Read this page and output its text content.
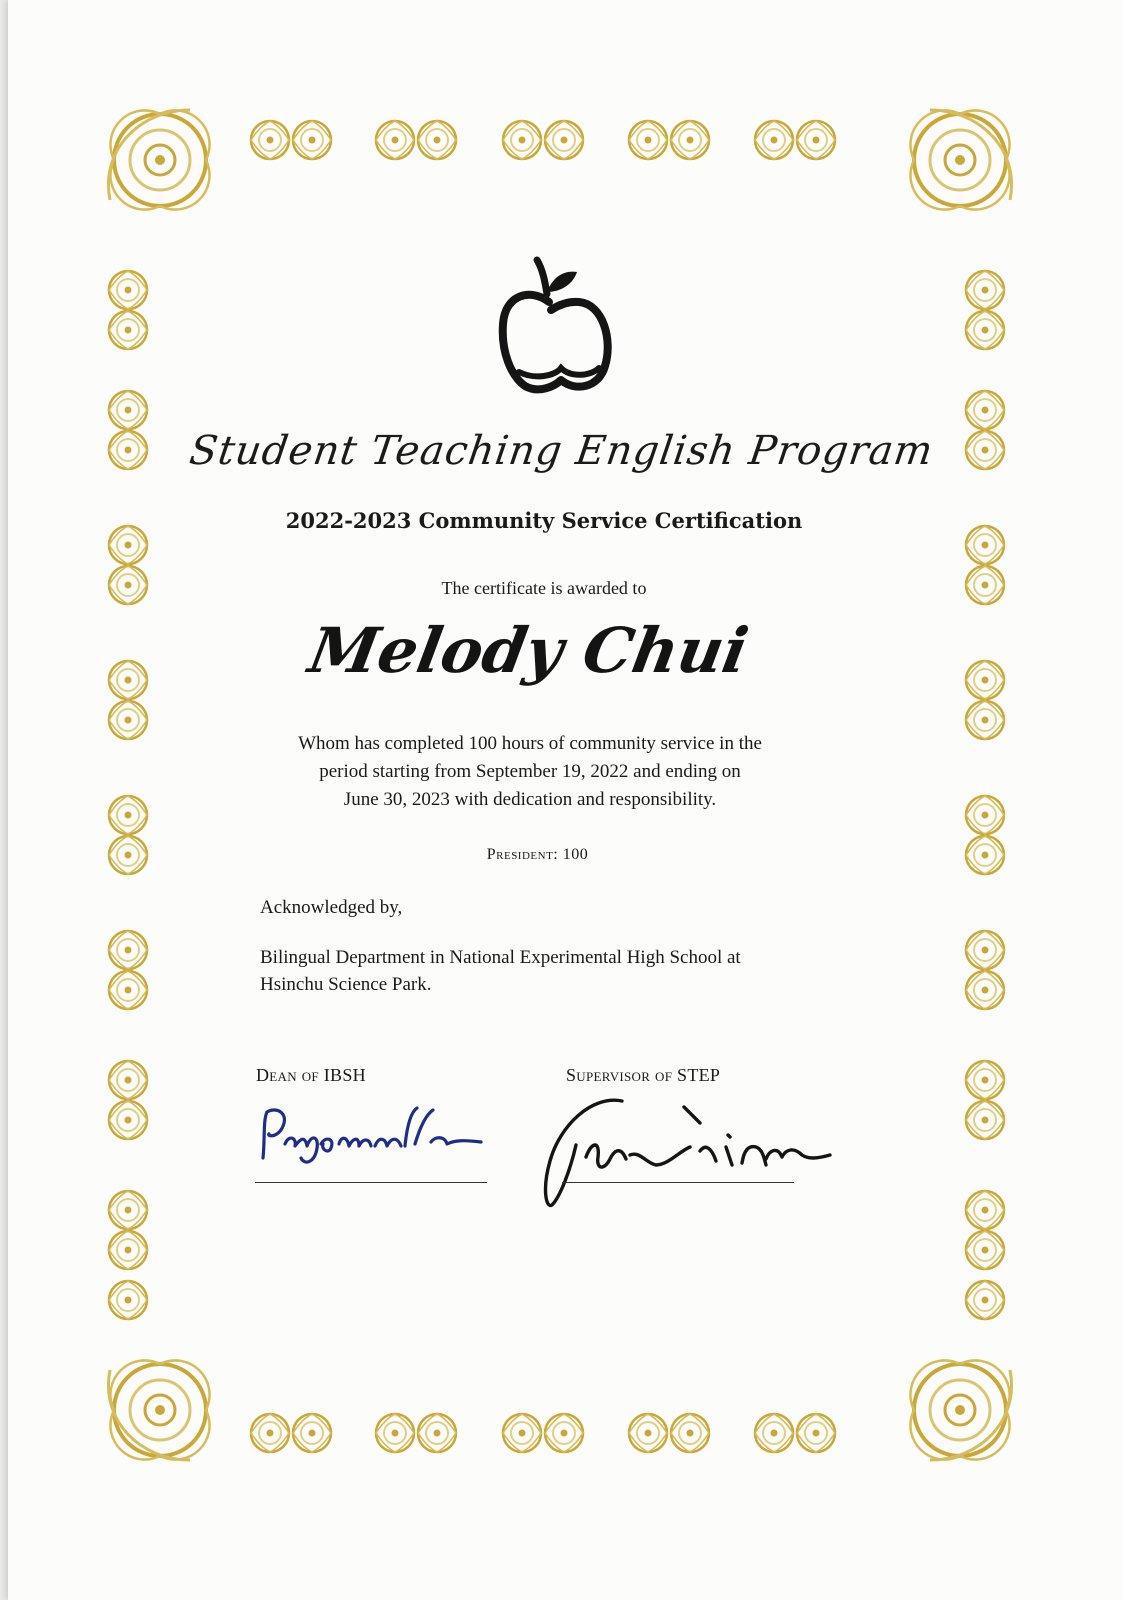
Student Teaching English Program
2022-2023 Community Service Certification
The certificate is awarded to
Melody Chui
Whom has completed 100 hours of community service in the
period starting from September 19, 2022 and ending on
June 30, 2023 with dedication and responsibility.
President: 100
Acknowledged by,
Bilingual Department in National Experimental High School at
Hsinchu Science Park.
Dean of IBSH	Supervisor of STEP
